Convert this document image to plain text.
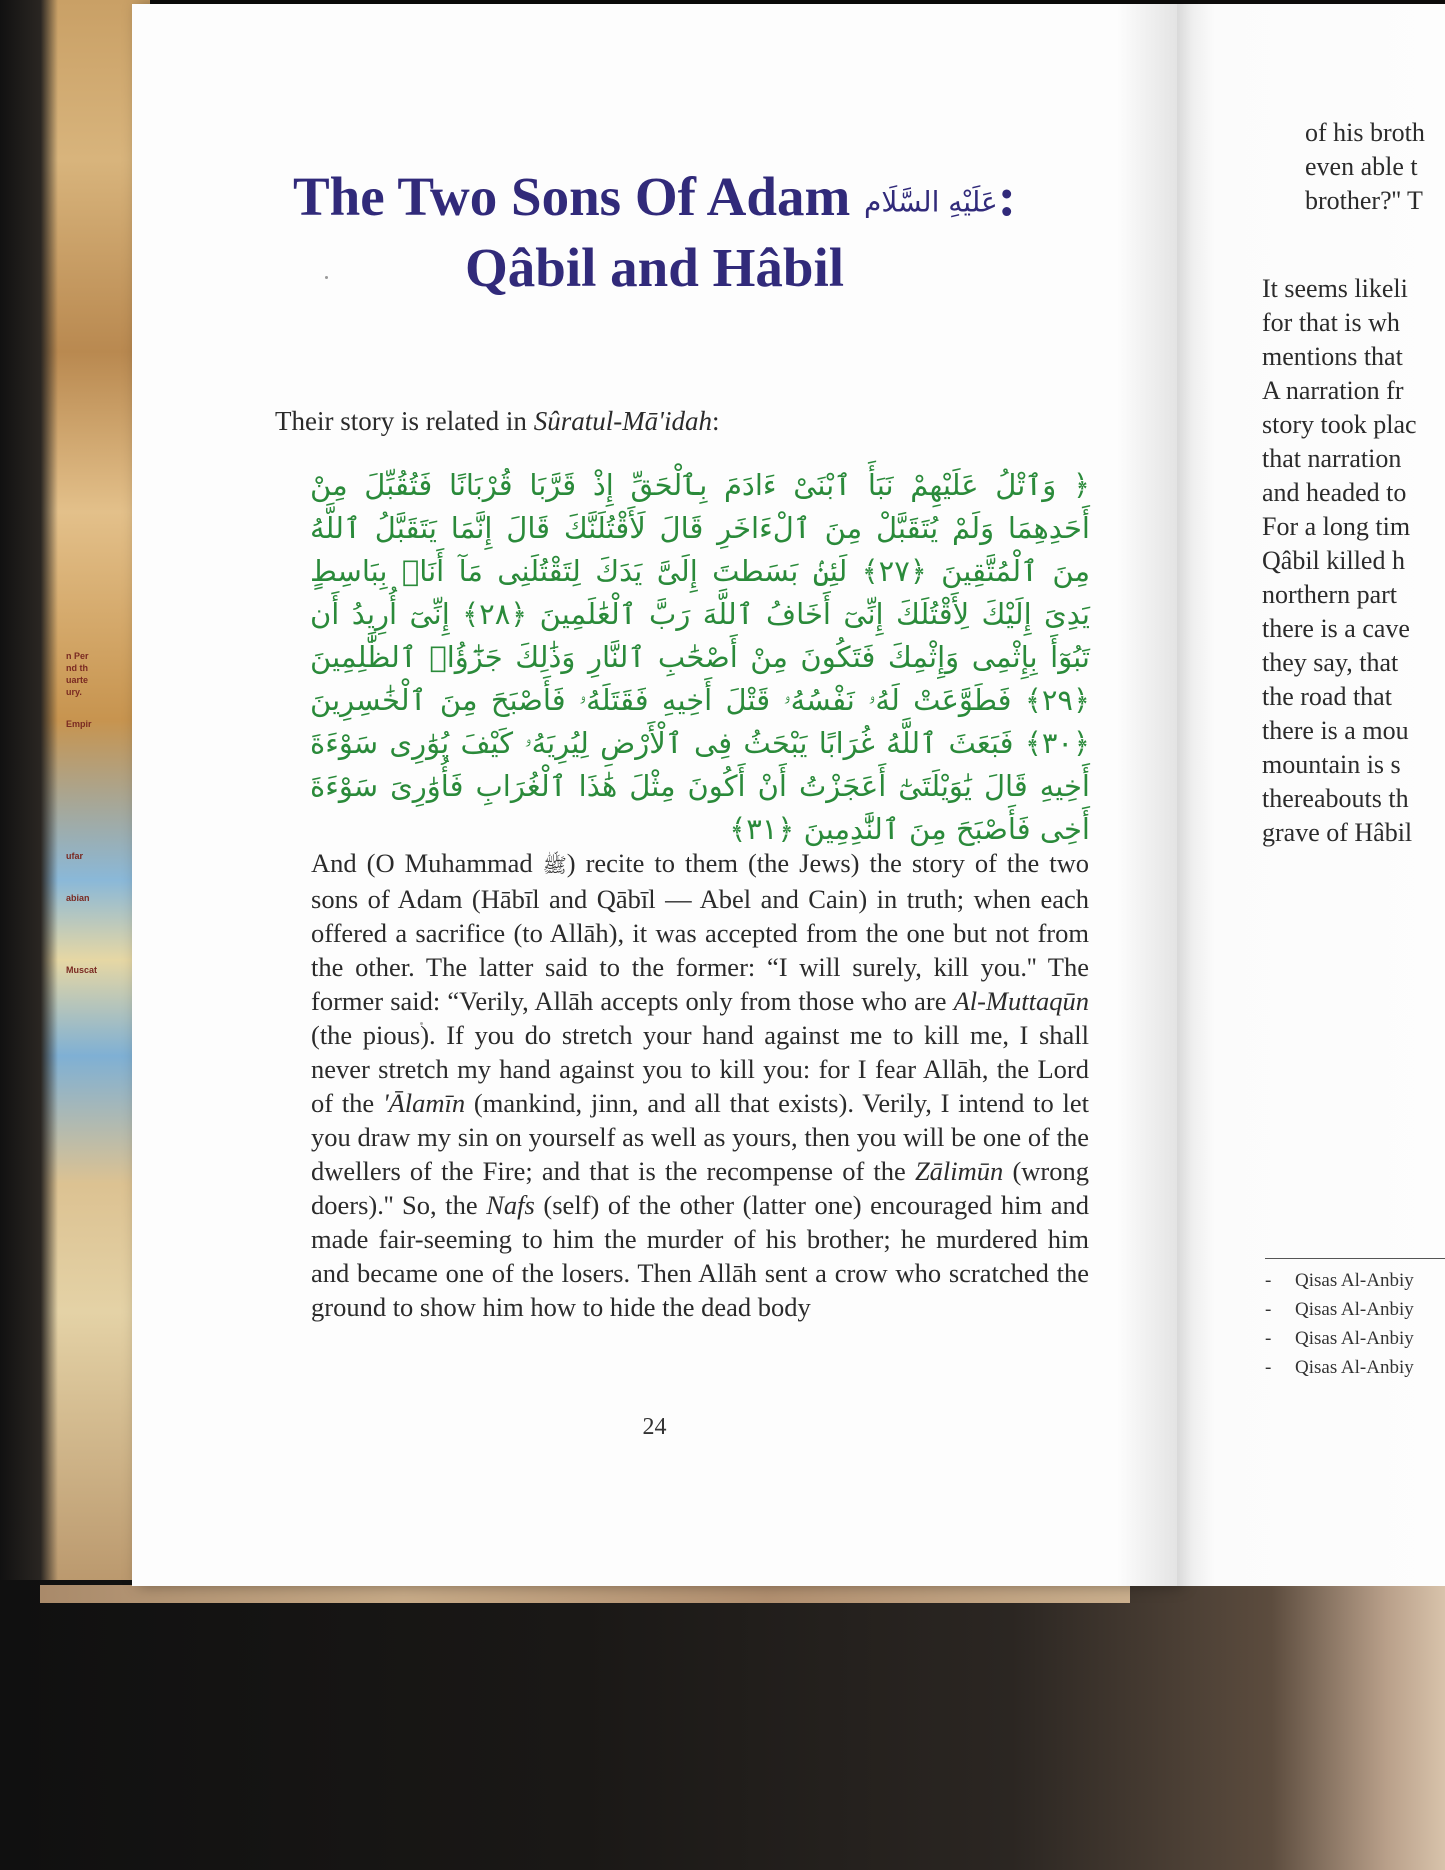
n Per
nd th
uarte
ury.
Empir
ufar
abian
Muscat
The Two Sons Of Adam عَلَيْهِ السَّلَام:
Qâbil and Hâbil
Their story is related in Sûratul-Mā'idah:
﴿ وَٱتْلُ عَلَيْهِمْ نَبَأَ ٱبْنَىْ ءَادَمَ بِٱلْحَقِّ إِذْ قَرَّبَا قُرْبَانًا فَتُقُبِّلَ مِنْ أَحَدِهِمَا وَلَمْ يُتَقَبَّلْ مِنَ ٱلْءَاخَرِ قَالَ لَأَقْتُلَنَّكَ قَالَ إِنَّمَا يَتَقَبَّلُ ٱللَّهُ مِنَ ٱلْمُتَّقِينَ ﴿٢٧﴾ لَئِنۢ بَسَطتَ إِلَىَّ يَدَكَ لِتَقْتُلَنِى مَآ أَنَا۠ بِبَاسِطٍ يَدِىَ إِلَيْكَ لِأَقْتُلَكَ إِنِّىٓ أَخَافُ ٱللَّهَ رَبَّ ٱلْعَٰلَمِينَ ﴿٢٨﴾ إِنِّىٓ أُرِيدُ أَن تَبُوٓأَ بِإِثْمِى وَإِثْمِكَ فَتَكُونَ مِنْ أَصْحَٰبِ ٱلنَّارِ وَذَٰلِكَ جَزَٰٓؤُا۟ ٱلظَّٰلِمِينَ ﴿٢٩﴾ فَطَوَّعَتْ لَهُۥ نَفْسُهُۥ قَتْلَ أَخِيهِ فَقَتَلَهُۥ فَأَصْبَحَ مِنَ ٱلْخَٰسِرِينَ ﴿٣٠﴾ فَبَعَثَ ٱللَّهُ غُرَابًا يَبْحَثُ فِى ٱلْأَرْضِ لِيُرِيَهُۥ كَيْفَ يُوَٰرِى سَوْءَةَ أَخِيهِ قَالَ يَٰوَيْلَتَىٰٓ أَعَجَزْتُ أَنْ أَكُونَ مِثْلَ هَٰذَا ٱلْغُرَابِ فَأُوَٰرِىَ سَوْءَةَ أَخِى فَأَصْبَحَ مِنَ ٱلنَّٰدِمِينَ ﴿٣١﴾
And (O Muhammad ﷺ) recite to them (the Jews) the story of the two sons of Adam (Hābīl and Qābīl — Abel and Cain) in truth; when each offered a sacrifice (to Allāh), it was accepted from the one but not from the other. The latter said to the former: “I will surely, kill you.'' The former said: “Verily, Allāh accepts only from those who are Al-Muttaqūn (the pious). If you do stretch your hand against me to kill me, I shall never stretch my hand against you to kill you: for I fear Allāh, the Lord of the 'Ālamīn (mankind, jinn, and all that exists). Verily, I intend to let you draw my sin on yourself as well as yours, then you will be one of the dwellers of the Fire; and that is the recompense of the Zālimūn (wrong doers).'' So, the Nafs (self) of the other (latter one) encouraged him and made fair-seeming to him the murder of his brother; he murdered him and became one of the losers. Then Allāh sent a crow who scratched the ground to show him how to hide the dead body
24
of his broth
even able t
brother?'' T
It seems likeli
for that is wh
mentions that
A narration fr
story took plac
that narration
and headed to
For a long tim
Qâbil killed h
northern part
there is a cave
they say, that
the road that
there is a mou
mountain is s
thereabouts th
grave of Hâbil
- Qisas Al-Anbiy
- Qisas Al-Anbiy
- Qisas Al-Anbiy
- Qisas Al-Anbiy
